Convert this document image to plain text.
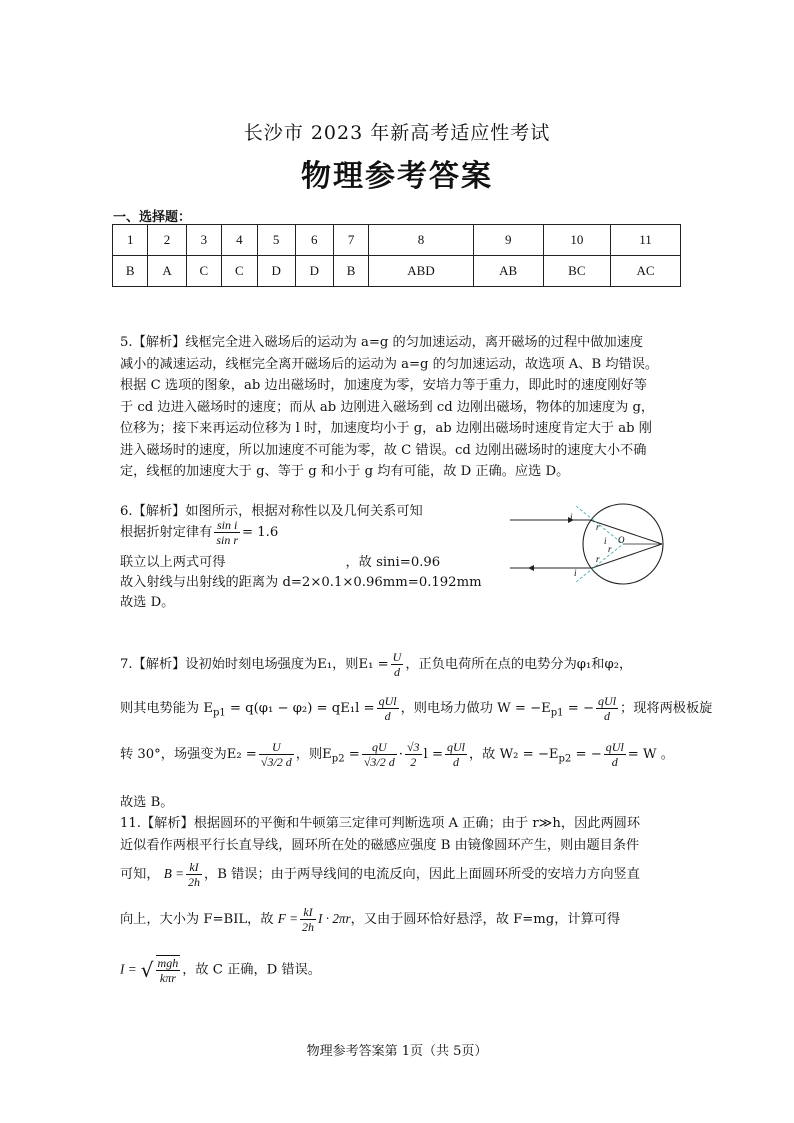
长沙市 2023 年新高考适应性考试
物理参考答案
一、选择题：
1	2	3	4	5	6	7	8	9	10	11
B	A	C	C	D	D	B	ABD	AB	BC	AC
5.【解析】线框完全进入磁场后的运动为 a=g 的匀加速运动，离开磁场的过程中做加速度
减小的减速运动，线框完全离开磁场后的运动为 a=g 的匀加速运动，故选项 A、B 均错误。
根据 C 选项的图象，ab 边出磁场时，加速度为零，安培力等于重力，即此时的速度刚好等
于 cd 边进入磁场时的速度；而从 ab 边刚进入磁场到 cd 边刚出磁场，物体的加速度为 g，
位移为；接下来再运动位移为 l 时，加速度均小于 g，ab 边刚出磁场时速度肯定大于 ab 刚
进入磁场时的速度，所以加速度不可能为零，故 C 错误。cd 边刚出磁场时的速度大小不确
定，线框的加速度大于 g、等于 g 和小于 g 均有可能，故 D 正确。应选 D。
6.【解析】如图所示，根据对称性以及几何关系可知
根据折射定律有 $\frac{\text{sin i}}{\text{sin r}} = 1.6$
联立以上两式可得	，故 sini=0.96
故入射线与出射线的距离为 d=2×0.1×0.96mm=0.192mm
故选 D。
i
r
i O
r
r
i
7.【解析】设初始时刻电场强度为E₁，则$E_1 = \frac{U}{d}$ ，正负电荷所在点的电势分为φ₁和φ₂，
则其电势能为 $E_{p1} = q(\varphi_1 - \varphi_2) = qE_1l = \frac{\text{qUl}}{d}$ ，则电场力做功 $W = -E_{p1}$ = − $\frac{\text{qUl}}{d}$ ；现将两极板旋
转 30°，场强变为$E_2 = \frac{U}{√3/2 d}$ ，则$E_{p2} = \frac{qU}{√3/2 d} \cdot \frac{√3}{2}$ $l = \frac{\text{qUl}}{d}$ ，故 $W_2 = -E_{p2}$ = − $\frac{\text{qUl}}{d} = W$ 。
故选 B。
11.【解析】根据圆环的平衡和牛顿第三定律可判断选项 A 正确；由于 r≫h，因此两圆环
近似看作两根平行长直导线，圆环所在处的磁感应强度 B 由镜像圆环产生，则由题目条件
可知， $B = \frac{kI}{2h}$ ，B 错误；由于两导线间的电流反向，因此上面圆环所受的安培力方向竖直
向上，大小为 F=BIL，故 $F = \frac{kI}{2h}$ I · 2πr，又由于圆环恰好悬浮，故 F=mg，计算可得
I = √ $\frac{\text{mgh}}{\text{kπr}}$ ，故 C 正确，D 错误。
物理参考答案第 1页（共 5页）
